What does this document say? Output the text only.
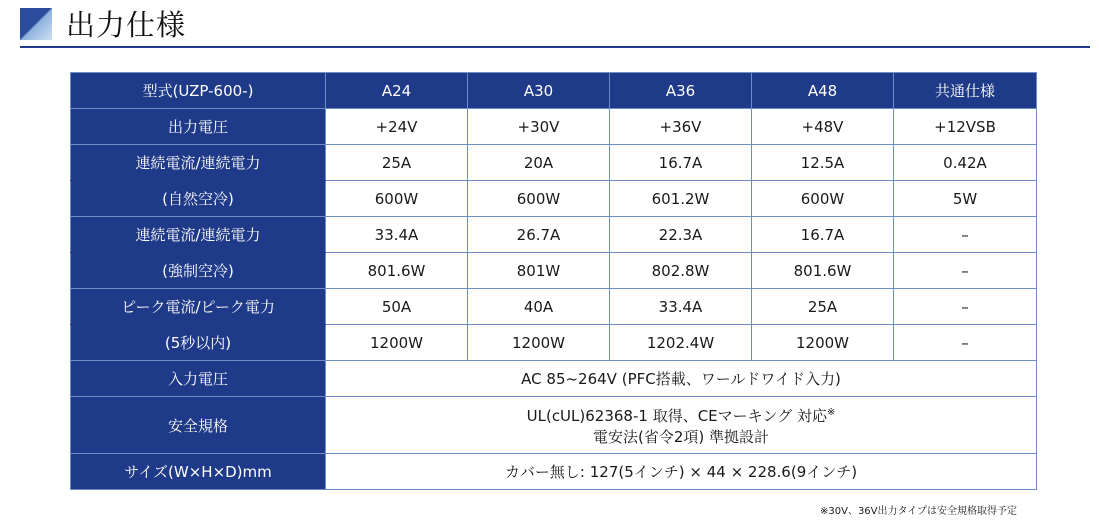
出力仕様
型式(UZP-600-)	A24	A30	A36	A48	共通仕様
出力電圧	+24V	+30V	+36V	+48V	+12VSB
連続電流/連続電力	25A	20A	16.7A	12.5A	0.42A
(自然空冷)	600W	600W	601.2W	600W	5W
連続電流/連続電力	33.4A	26.7A	22.3A	16.7A	–
(強制空冷)	801.6W	801W	802.8W	801.6W	–
ピーク電流/ピーク電力	50A	40A	33.4A	25A	–
(5秒以内)	1200W	1200W	1202.4W	1200W	–
入力電圧	AC 85~264V (PFC搭載、ワールドワイド入力)				
安全規格	UL(cUL)62368-1 取得、CEマーキング 対応※
電安法(省令2項) 準拠設計				

サイズ(W×H×D)mm	カバー無し: 127(5インチ) × 44 × 228.6(9インチ)				
※30V、36V出力タイプは安全規格取得予定
